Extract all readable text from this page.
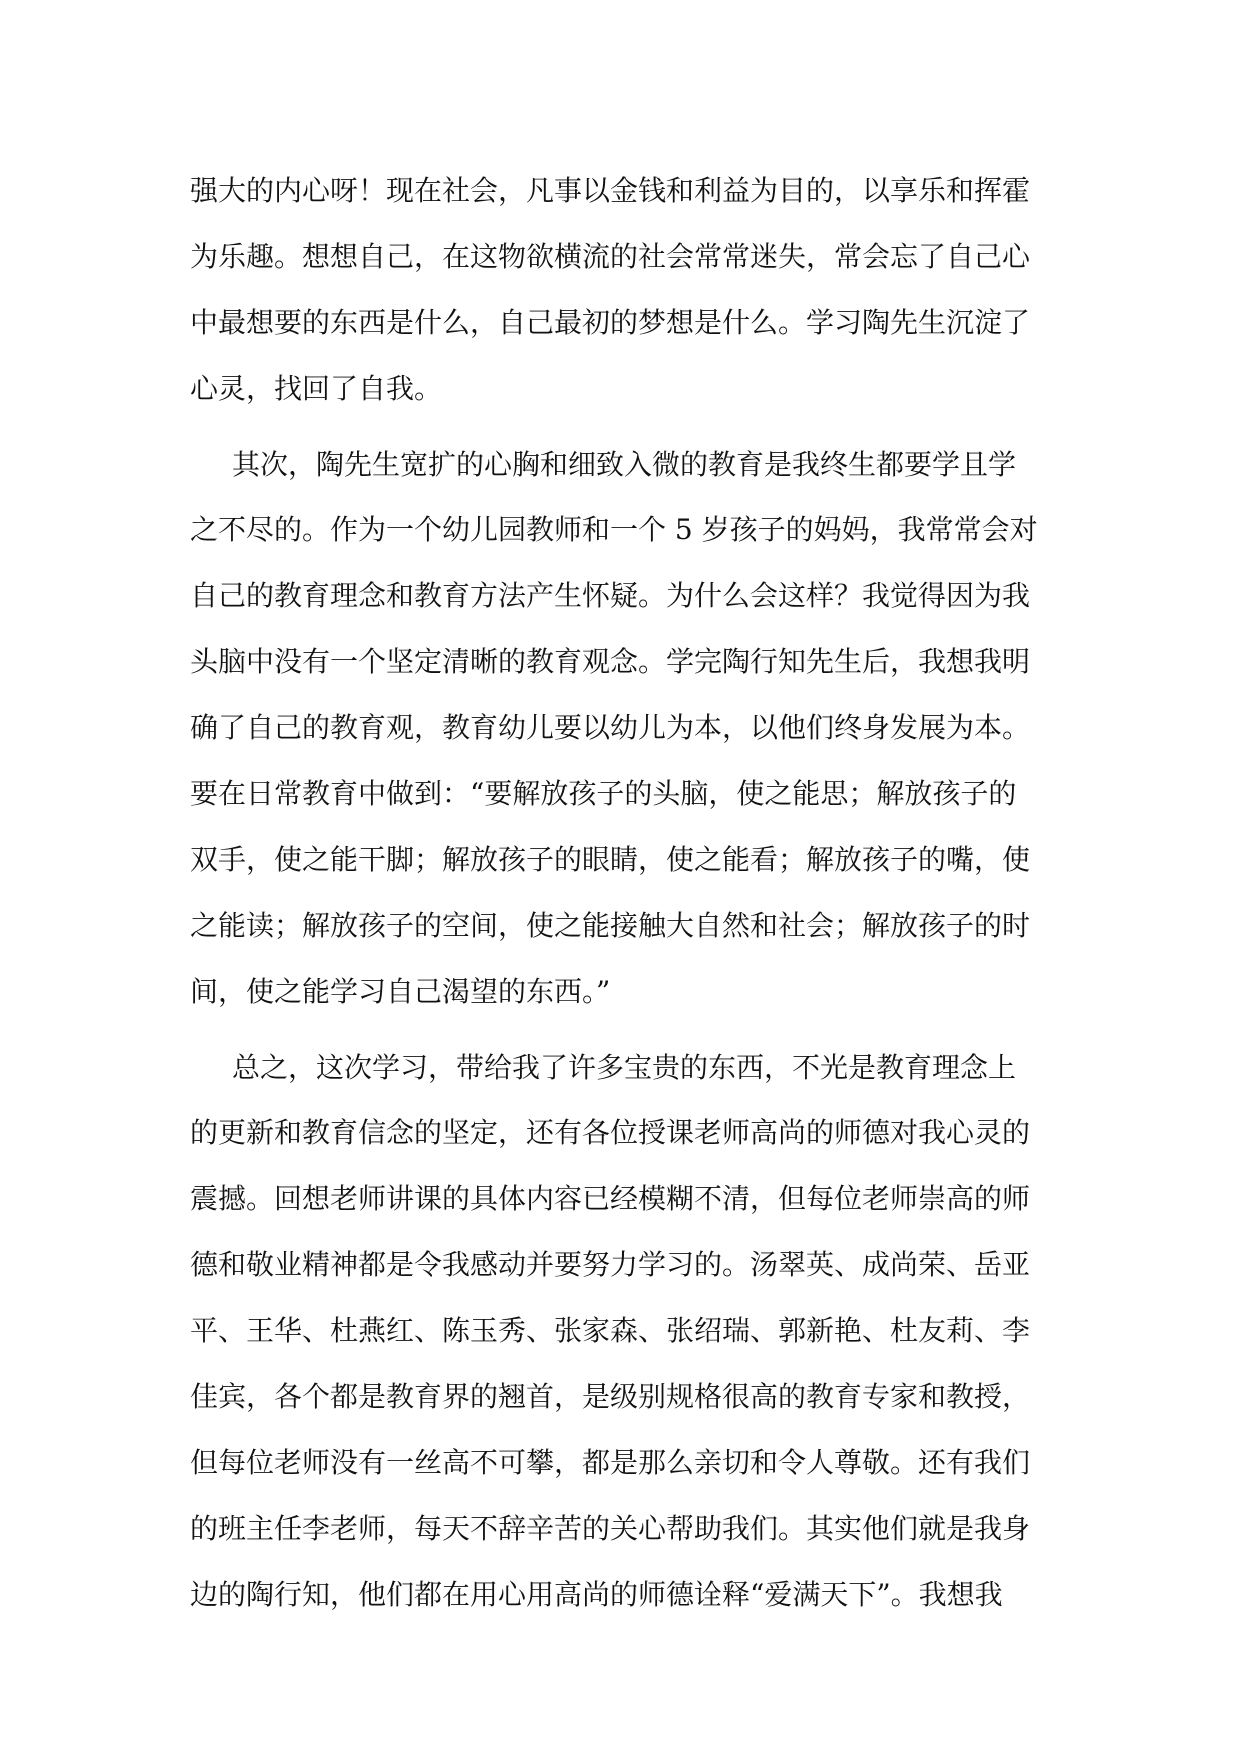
强大的内心呀！现在社会，凡事以金钱和利益为目的，以享乐和挥霍
为乐趣。想想自己，在这物欲横流的社会常常迷失，常会忘了自己心
中最想要的东西是什么，自己最初的梦想是什么。学习陶先生沉淀了
心灵，找回了自我。
其次，陶先生宽扩的心胸和细致入微的教育是我终生都要学且学
之不尽的。作为一个幼儿园教师和一个 5 岁孩子的妈妈，我常常会对
自己的教育理念和教育方法产生怀疑。为什么会这样？我觉得因为我
头脑中没有一个坚定清晰的教育观念。学完陶行知先生后，我想我明
确了自己的教育观，教育幼儿要以幼儿为本，以他们终身发展为本。
要在日常教育中做到：“要解放孩子的头脑，使之能思；解放孩子的
双手，使之能干脚；解放孩子的眼睛，使之能看；解放孩子的嘴，使
之能读；解放孩子的空间，使之能接触大自然和社会；解放孩子的时
间，使之能学习自己渴望的东西。”
总之，这次学习，带给我了许多宝贵的东西，不光是教育理念上
的更新和教育信念的坚定，还有各位授课老师高尚的师德对我心灵的
震撼。回想老师讲课的具体内容已经模糊不清，但每位老师崇高的师
德和敬业精神都是令我感动并要努力学习的。汤翠英、成尚荣、岳亚
平、王华、杜燕红、陈玉秀、张家森、张绍瑞、郭新艳、杜友莉、李
佳宾，各个都是教育界的翘首，是级别规格很高的教育专家和教授，
但每位老师没有一丝高不可攀，都是那么亲切和令人尊敬。还有我们
的班主任李老师，每天不辞辛苦的关心帮助我们。其实他们就是我身
边的陶行知，他们都在用心用高尚的师德诠释“爱满天下”。我想我
